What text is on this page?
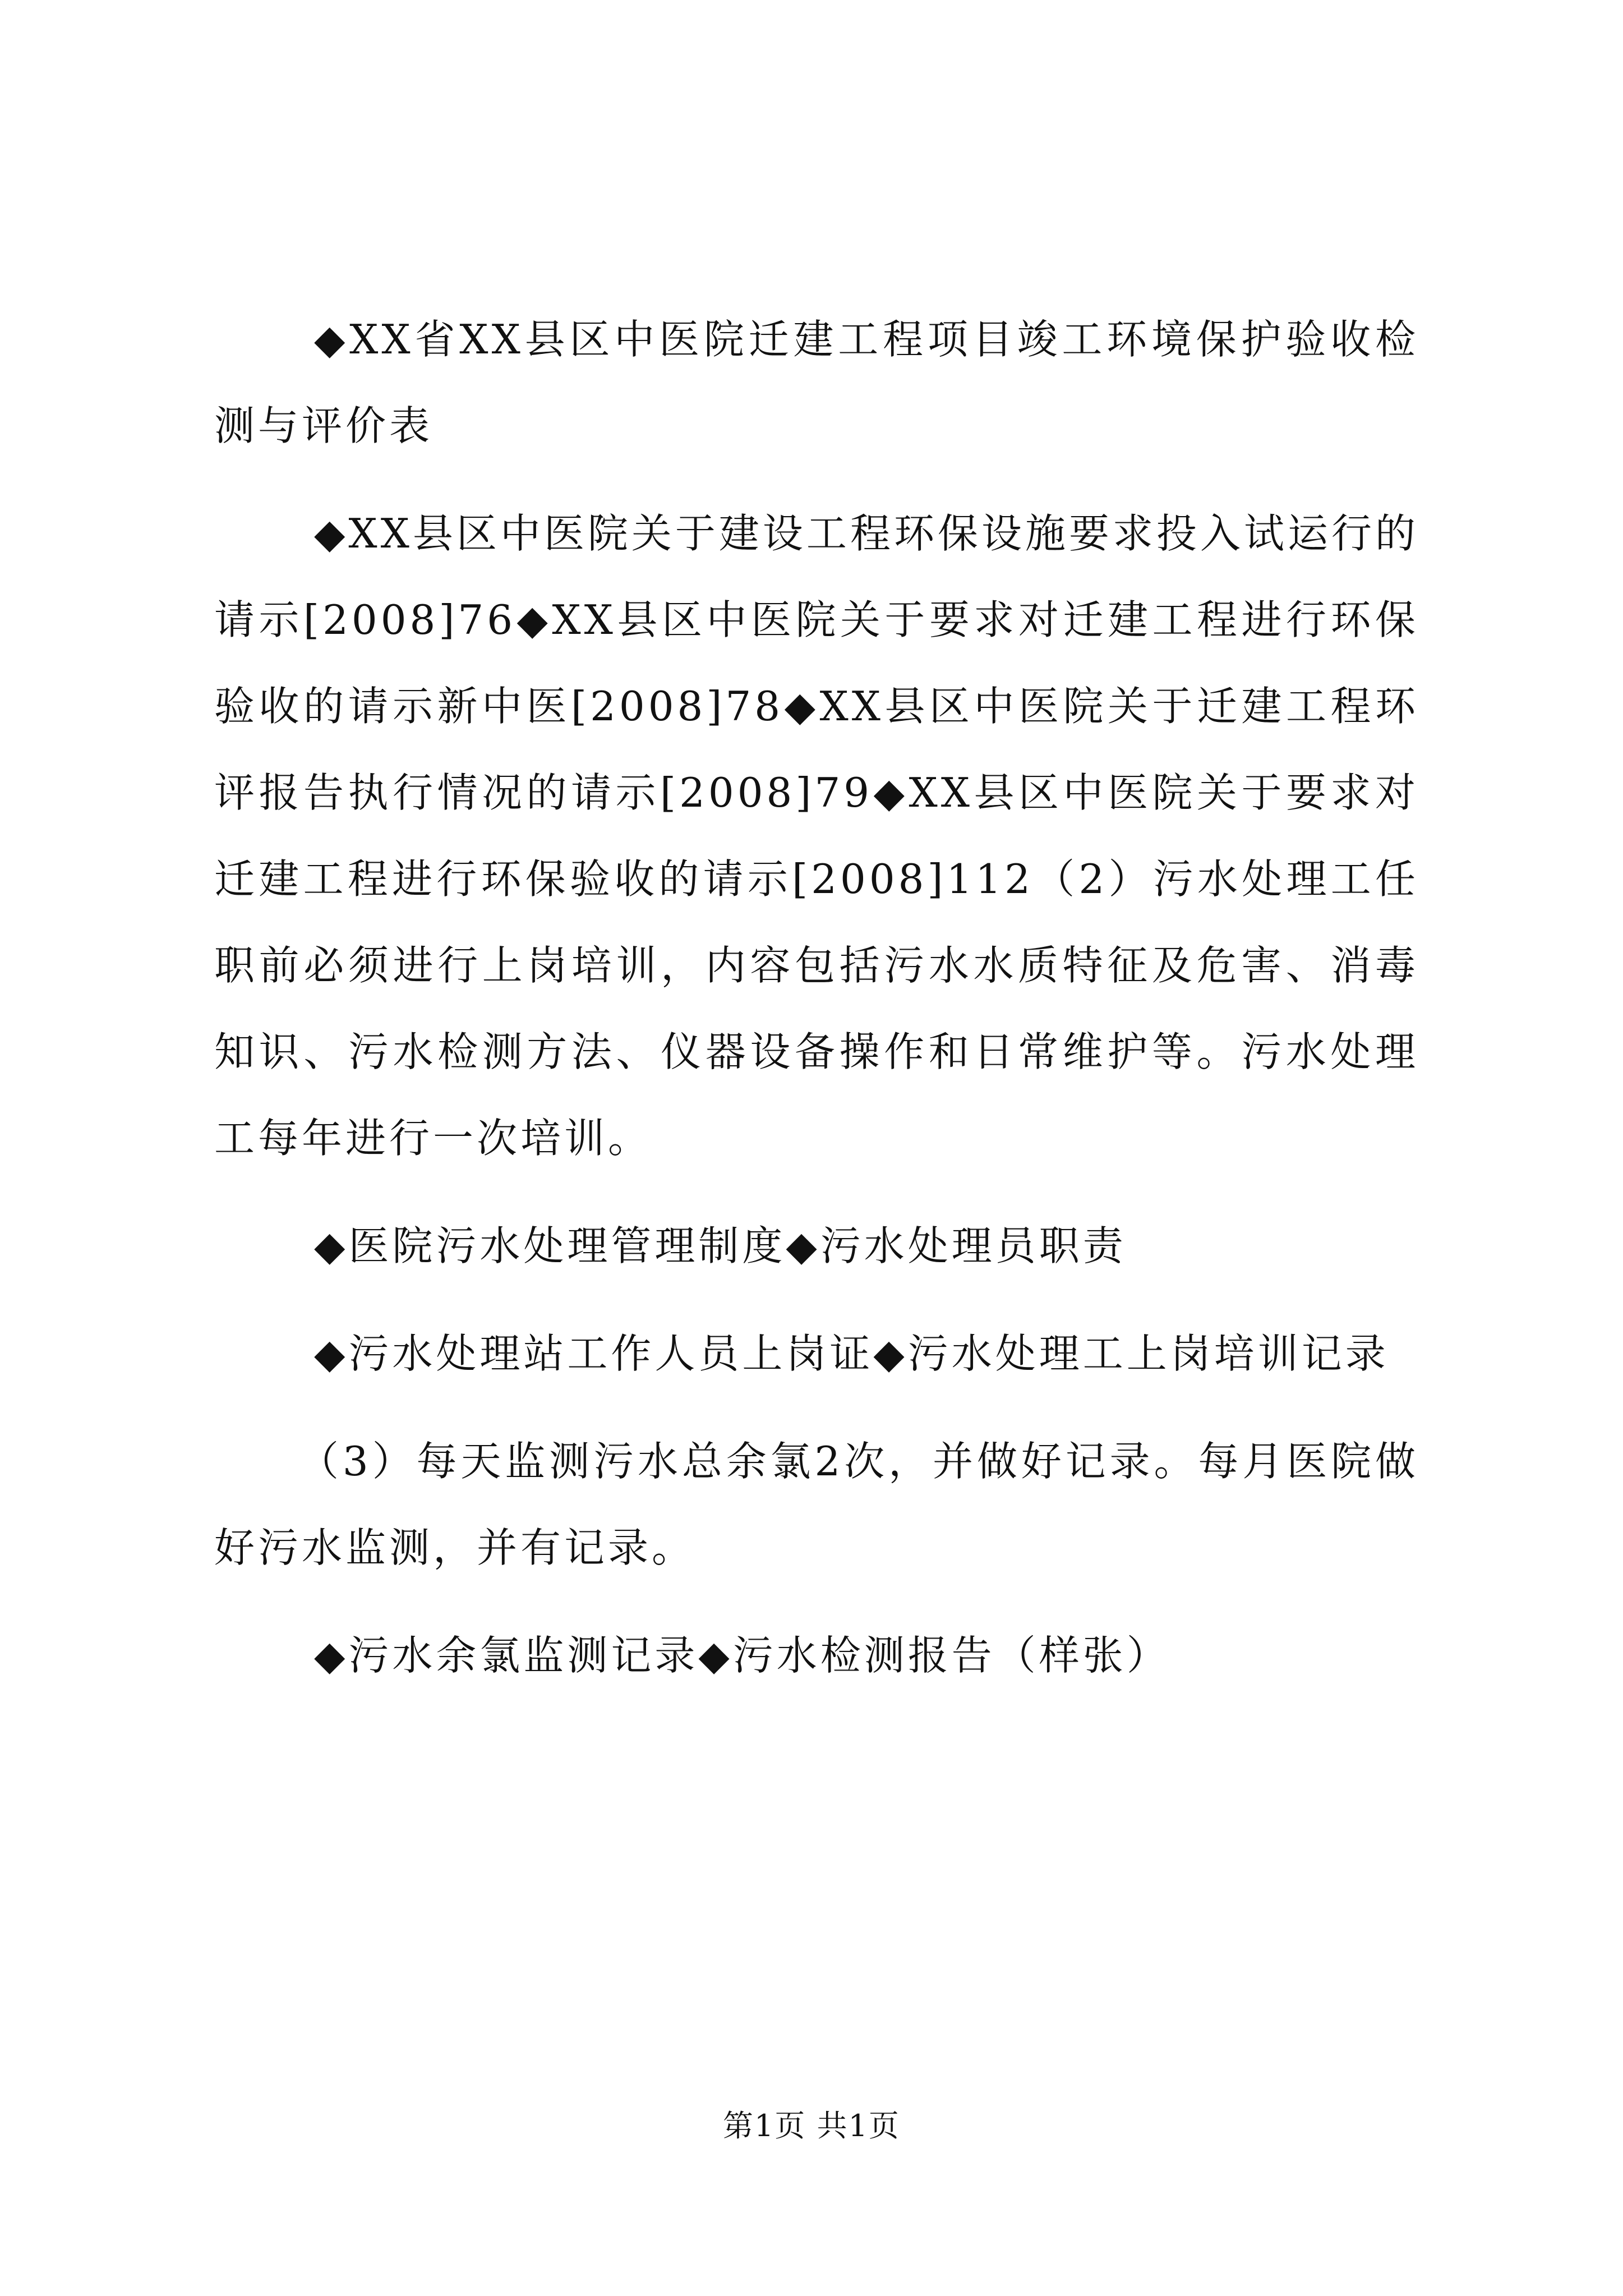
◆XX省XX县区中医院迁建工程项目竣工环境保护验收检测与评价表

◆XX县区中医院关于建设工程环保设施要求投入试运行的请示[2008]76◆XX县区中医院关于要求对迁建工程进行环保验收的请示新中医[2008]78◆XX县区中医院关于迁建工程环评报告执行情况的请示[2008]79◆XX县区中医院关于要求对迁建工程进行环保验收的请示[2008]112（2）污水处理工任职前必须进行上岗培训，内容包括污水水质特征及危害、消毒知识、污水检测方法、仪器设备操作和日常维护等。污水处理工每年进行一次培训。

◆医院污水处理管理制度◆污水处理员职责

◆污水处理站工作人员上岗证◆污水处理工上岗培训记录

（3）每天监测污水总余氯2次，并做好记录。每月医院做好污水监测，并有记录。

◆污水余氯监测记录◆污水检测报告（样张）

第1页 共1页
